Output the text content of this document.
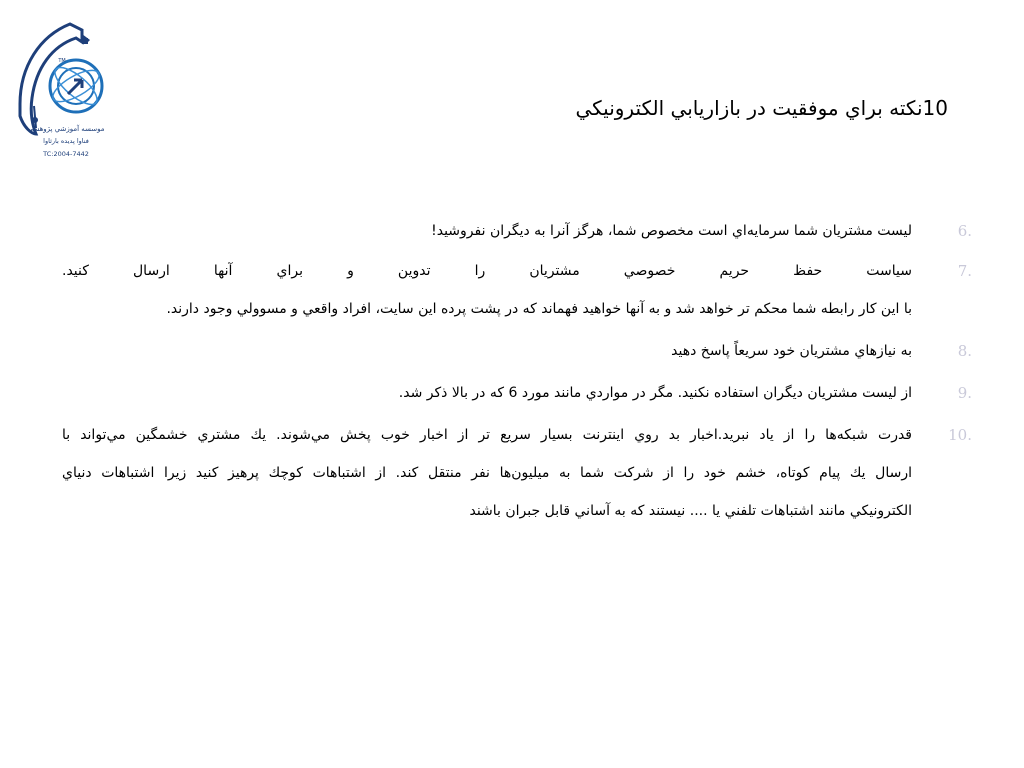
TM
موسسه آموزشي پژوهشي
فناوا پديده بارثاوا
TC:2004-7442
10نكته براي موفقيت در بازاريابي الكترونيكي
6.
ليست مشتريان شما سرمايه‌اي است مخصوص شما، هرگز آنرا به ديگران نفروشيد!
7.
سياست حفظ حريم خصوصي مشتريان را تدوين و براي آنها ارسال كنيد.
با اين كار رابطه شما محكم تر خواهد شد و به آنها خواهيد فهماند كه در پشت پرده اين سايت، افراد واقعي و مسوولي وجود دارند.
8.
به نيازهاي مشتريان خود سريعاً پاسخ دهيد
9.
از ليست مشتريان ديگران استفاده نكنيد. مگر در مواردي مانند مورد 6 كه در بالا ذكر شد.
10.
قدرت شبكه‌ها را از ياد نبريد.اخبار بد روي اينترنت بسيار سريع تر از اخبار خوب پخش مي‌شوند. يك مشتري خشمگين مي‌تواند با
ارسال يك پيام كوتاه، خشم خود را از شركت شما به ميليون‌ها نفر منتقل كند. از اشتباهات كوچك پرهيز كنيد زيرا اشتباهات دنياي
الكترونيكي مانند اشتباهات تلفني يا .... نيستند كه به آساني قابل جبران باشند
